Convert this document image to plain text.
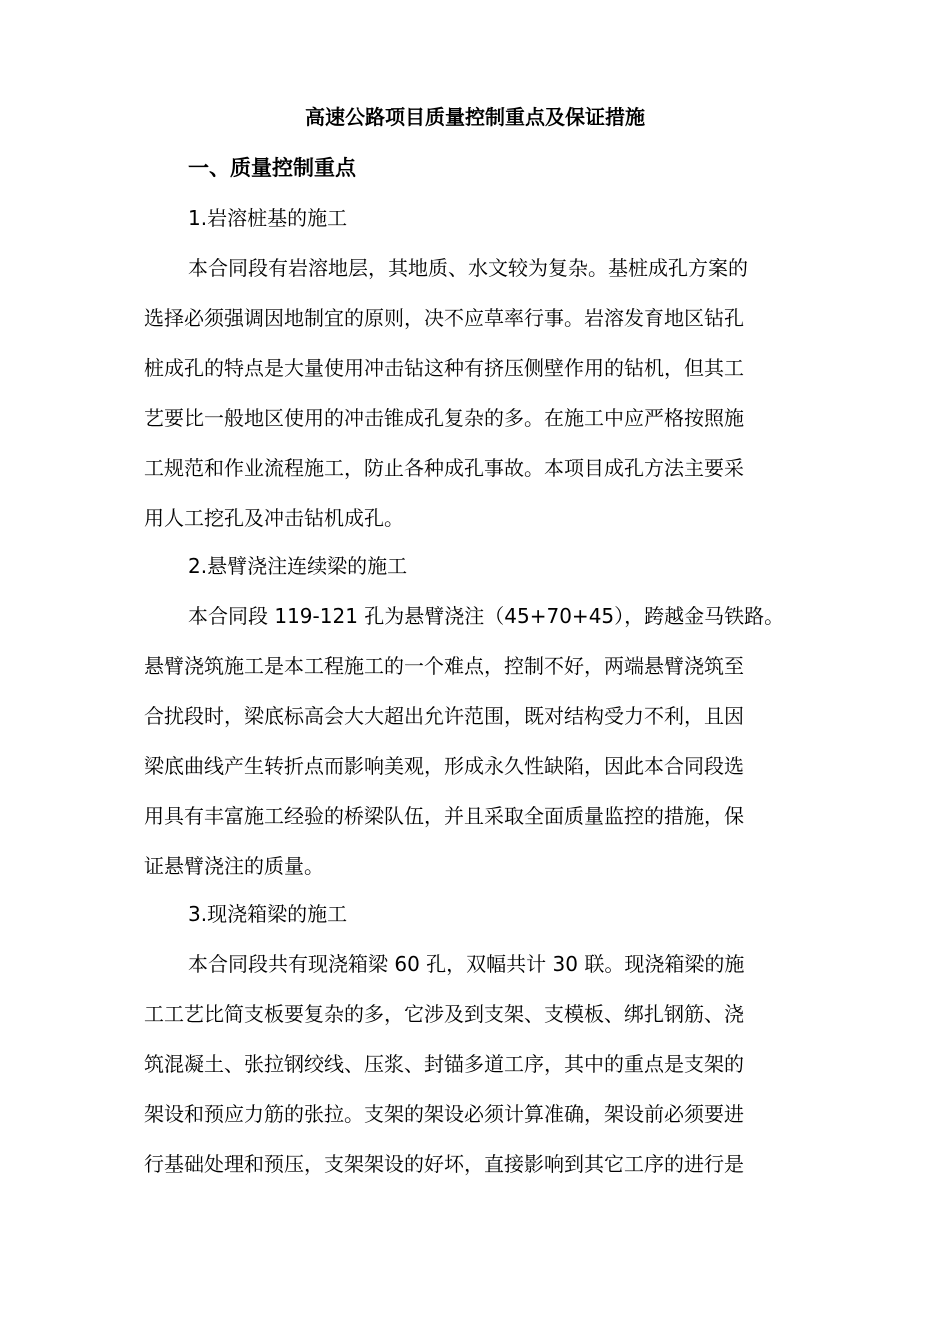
高速公路项目质量控制重点及保证措施
一、质量控制重点
1.岩溶桩基的施工
本合同段有岩溶地层，其地质、水文较为复杂。基桩成孔方案的
选择必须强调因地制宜的原则，决不应草率行事。岩溶发育地区钻孔
桩成孔的特点是大量使用冲击钻这种有挤压侧壁作用的钻机，但其工
艺要比一般地区使用的冲击锥成孔复杂的多。在施工中应严格按照施
工规范和作业流程施工，防止各种成孔事故。本项目成孔方法主要采
用人工挖孔及冲击钻机成孔。
2.悬臂浇注连续梁的施工
本合同段 119-121 孔为悬臂浇注（45+70+45），跨越金马铁路。
悬臂浇筑施工是本工程施工的一个难点，控制不好，两端悬臂浇筑至
合扰段时，梁底标高会大大超出允许范围，既对结构受力不利，且因
梁底曲线产生转折点而影响美观，形成永久性缺陷，因此本合同段选
用具有丰富施工经验的桥梁队伍，并且采取全面质量监控的措施，保
证悬臂浇注的质量。
3.现浇箱梁的施工
本合同段共有现浇箱梁 60 孔，双幅共计 30 联。现浇箱梁的施
工工艺比简支板要复杂的多，它涉及到支架、支模板、绑扎钢筋、浇
筑混凝土、张拉钢绞线、压浆、封锚多道工序，其中的重点是支架的
架设和预应力筋的张拉。支架的架设必须计算准确，架设前必须要进
行基础处理和预压，支架架设的好坏，直接影响到其它工序的进行是
